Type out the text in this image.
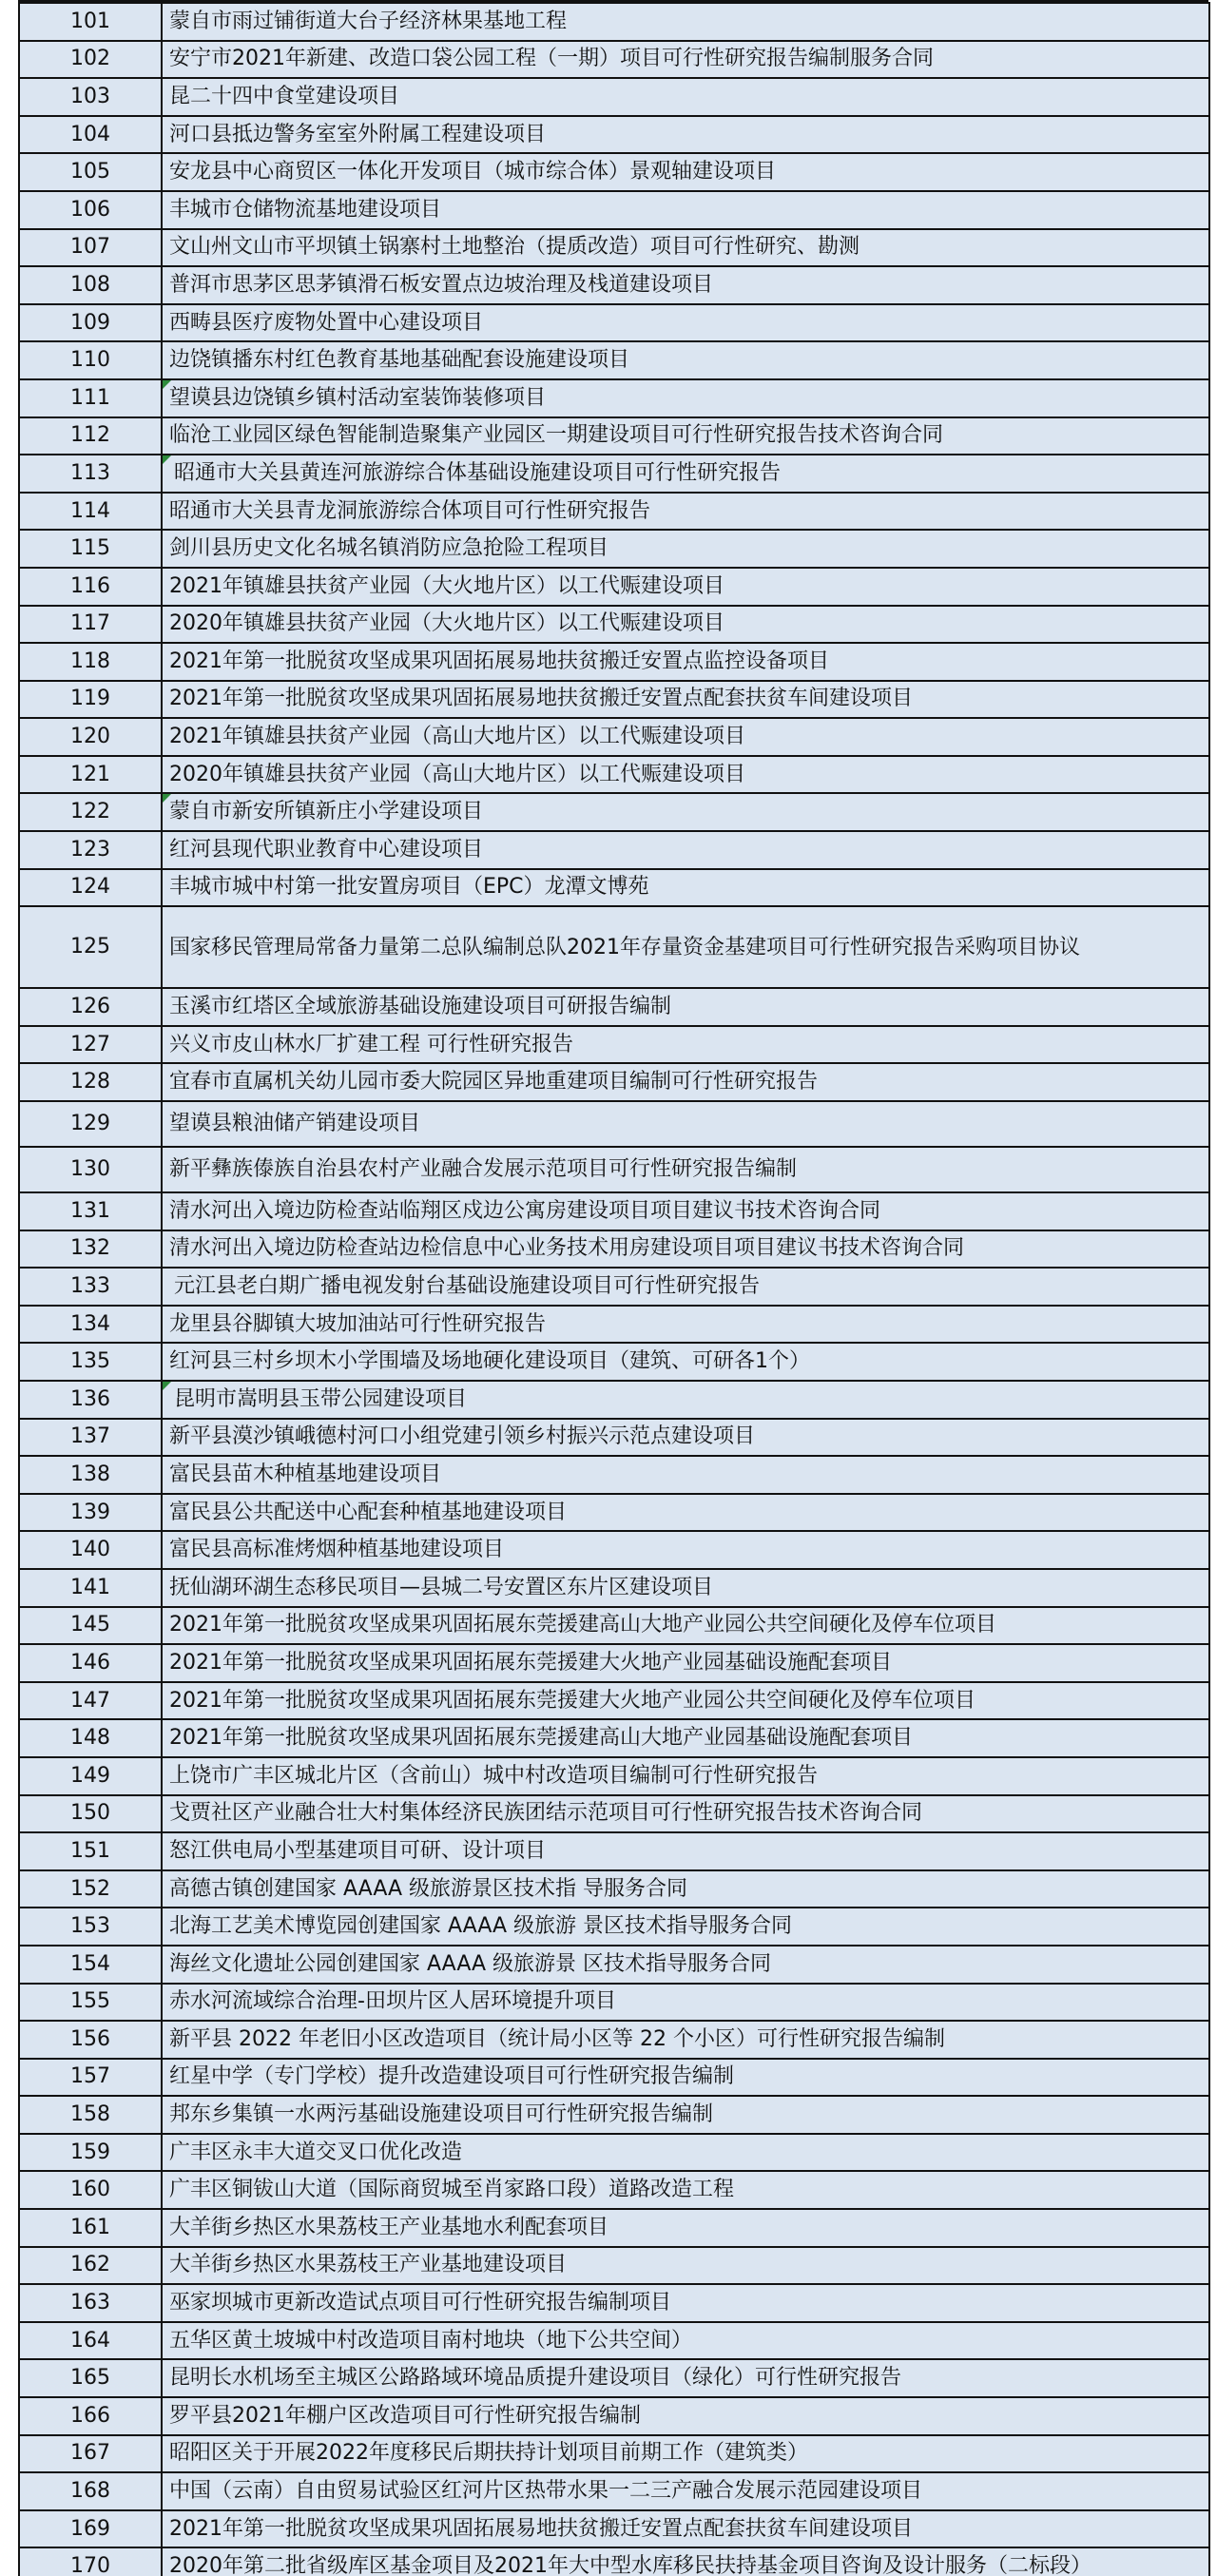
101	蒙自市雨过铺街道大台子经济林果基地工程
102	安宁市2021年新建、改造口袋公园工程（一期）项目可行性研究报告编制服务合同
103	昆二十四中食堂建设项目
104	河口县抵边警务室室外附属工程建设项目
105	安龙县中心商贸区一体化开发项目（城市综合体）景观轴建设项目
106	丰城市仓储物流基地建设项目
107	文山州文山市平坝镇土锅寨村土地整治（提质改造）项目可行性研究、勘测
108	普洱市思茅区思茅镇滑石板安置点边坡治理及栈道建设项目
109	西畴县医疗废物处置中心建设项目
110	边饶镇播东村红色教育基地基础配套设施建设项目
111	望谟县边饶镇乡镇村活动室装饰装修项目
112	临沧工业园区绿色智能制造聚集产业园区一期建设项目可行性研究报告技术咨询合同
113	昭通市大关县黄连河旅游综合体基础设施建设项目可行性研究报告
114	昭通市大关县青龙洞旅游综合体项目可行性研究报告
115	剑川县历史文化名城名镇消防应急抢险工程项目
116	2021年镇雄县扶贫产业园（大火地片区）以工代赈建设项目
117	2020年镇雄县扶贫产业园（大火地片区）以工代赈建设项目
118	2021年第一批脱贫攻坚成果巩固拓展易地扶贫搬迁安置点监控设备项目
119	2021年第一批脱贫攻坚成果巩固拓展易地扶贫搬迁安置点配套扶贫车间建设项目
120	2021年镇雄县扶贫产业园（高山大地片区）以工代赈建设项目
121	2020年镇雄县扶贫产业园（高山大地片区）以工代赈建设项目
122	蒙自市新安所镇新庄小学建设项目
123	红河县现代职业教育中心建设项目
124	丰城市城中村第一批安置房项目（EPC）龙潭文博苑
125	国家移民管理局常备力量第二总队编制总队2021年存量资金基建项目可行性研究报告采购项目协议
126	玉溪市红塔区全域旅游基础设施建设项目可研报告编制
127	兴义市皮山林水厂扩建工程 可行性研究报告
128	宜春市直属机关幼儿园市委大院园区异地重建项目编制可行性研究报告
129	望谟县粮油储产销建设项目
130	新平彝族傣族自治县农村产业融合发展示范项目可行性研究报告编制
131	清水河出入境边防检查站临翔区戍边公寓房建设项目项目建议书技术咨询合同
132	清水河出入境边防检查站边检信息中心业务技术用房建设项目项目建议书技术咨询合同
133	元江县老白期广播电视发射台基础设施建设项目可行性研究报告
134	龙里县谷脚镇大坡加油站可行性研究报告
135	红河县三村乡坝木小学围墙及场地硬化建设项目（建筑、可研各1个）
136	昆明市嵩明县玉带公园建设项目
137	新平县漠沙镇峨德村河口小组党建引领乡村振兴示范点建设项目
138	富民县苗木种植基地建设项目
139	富民县公共配送中心配套种植基地建设项目
140	富民县高标准烤烟种植基地建设项目
141	抚仙湖环湖生态移民项目—县城二号安置区东片区建设项目
145	2021年第一批脱贫攻坚成果巩固拓展东莞援建高山大地产业园公共空间硬化及停车位项目
146	2021年第一批脱贫攻坚成果巩固拓展东莞援建大火地产业园基础设施配套项目
147	2021年第一批脱贫攻坚成果巩固拓展东莞援建大火地产业园公共空间硬化及停车位项目
148	2021年第一批脱贫攻坚成果巩固拓展东莞援建高山大地产业园基础设施配套项目
149	上饶市广丰区城北片区（含前山）城中村改造项目编制可行性研究报告
150	戈贾社区产业融合壮大村集体经济民族团结示范项目可行性研究报告技术咨询合同
151	怒江供电局小型基建项目可研、设计项目
152	高德古镇创建国家 AAAA 级旅游景区技术指 导服务合同
153	北海工艺美术博览园创建国家 AAAA 级旅游 景区技术指导服务合同
154	海丝文化遗址公园创建国家 AAAA 级旅游景 区技术指导服务合同
155	赤水河流域综合治理-田坝片区人居环境提升项目
156	新平县 2022 年老旧小区改造项目（统计局小区等 22 个小区）可行性研究报告编制
157	红星中学（专门学校）提升改造建设项目可行性研究报告编制
158	邦东乡集镇一水两污基础设施建设项目可行性研究报告编制
159	广丰区永丰大道交叉口优化改造
160	广丰区铜钹山大道（国际商贸城至肖家路口段）道路改造工程
161	大羊街乡热区水果荔枝王产业基地水利配套项目
162	大羊街乡热区水果荔枝王产业基地建设项目
163	巫家坝城市更新改造试点项目可行性研究报告编制项目
164	五华区黄土坡城中村改造项目南村地块（地下公共空间）
165	昆明长水机场至主城区公路路域环境品质提升建设项目（绿化）可行性研究报告
166	罗平县2021年棚户区改造项目可行性研究报告编制
167	昭阳区关于开展2022年度移民后期扶持计划项目前期工作（建筑类）
168	中国（云南）自由贸易试验区红河片区热带水果一二三产融合发展示范园建设项目
169	2021年第一批脱贫攻坚成果巩固拓展易地扶贫搬迁安置点配套扶贫车间建设项目
170	2020年第二批省级库区基金项目及2021年大中型水库移民扶持基金项目咨询及设计服务（二标段）
